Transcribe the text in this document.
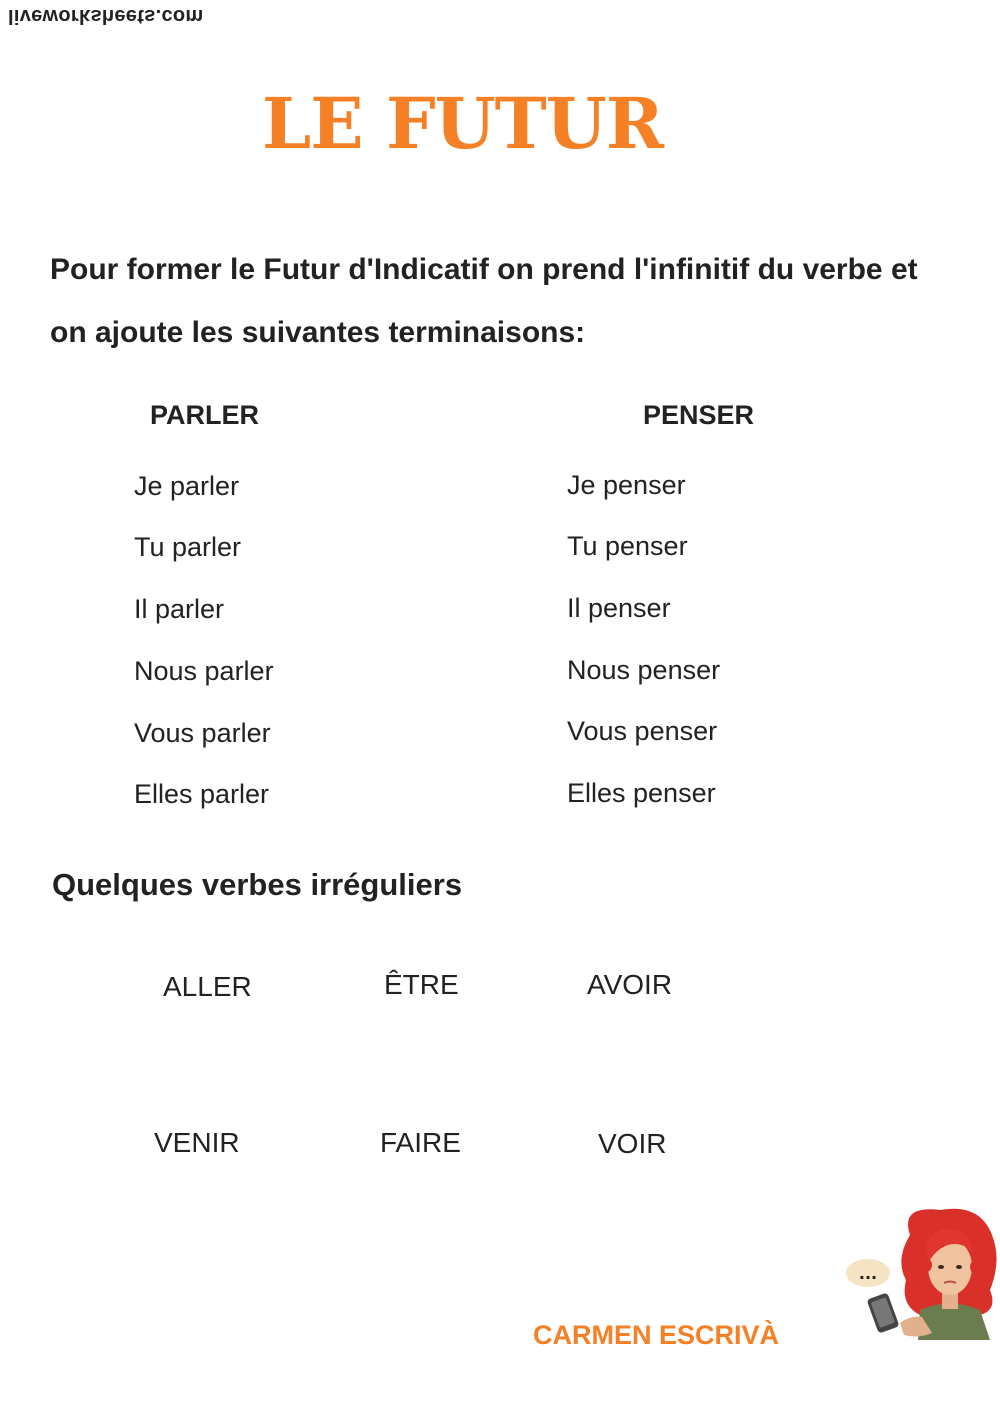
liveworksheets.com
LE FUTUR
Pour former le Futur d'Indicatif on prend l'infinitif du verbe et on ajoute les suivantes terminaisons:
PARLER
Je parler
Tu parler
Il parler
Nous parler
Vous parler
Elles parler
PENSER
Je penser
Tu penser
Il penser
Nous penser
Vous penser
Elles penser
Quelques verbes irréguliers
ALLER	ÊTRE	AVOIR
VENIR	FAIRE	VOIR
CARMEN ESCRIVÀ
...
